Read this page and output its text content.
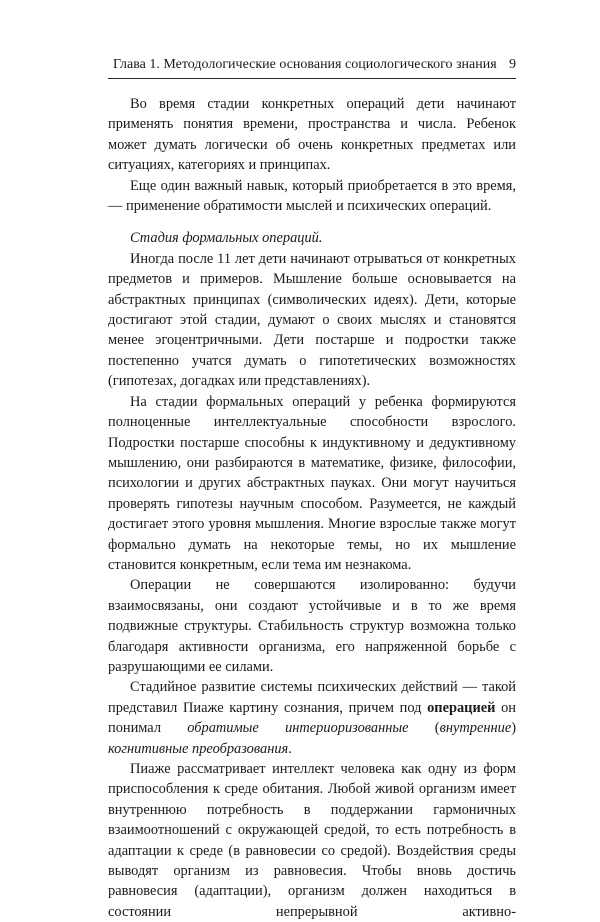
Глава 1. Методологические основания социологического знания 9

Во время стадии конкретных операций дети начинают применять понятия времени, пространства и числа. Ребенок может думать логически об очень конкретных предметах или ситуациях, категориях и принципах.

Еще один важный навык, который приобретается в это время, — применение обратимости мыслей и психических операций.

Стадия формальных операций.

Иногда после 11 лет дети начинают отрываться от конкретных предметов и примеров. Мышление больше основывается на абстрактных принципах (символических идеях). Дети, которые достигают этой стадии, думают о своих мыслях и становятся менее эгоцентричными. Дети постарше и подростки также постепенно учатся думать о гипотетических возможностях (гипотезах, догадках или представлениях).

На стадии формальных операций у ребенка формируются полноценные интеллектуальные способности взрослого. Подростки постарше способны к индуктивному и дедуктивному мышлению, они разбираются в математике, физике, философии, психологии и других абстрактных пауках. Они могут научиться проверять гипотезы научным способом. Разумеется, не каждый достигает этого уровня мышления. Многие взрослые также могут формально думать на некоторые темы, но их мышление становится конкретным, если тема им незнакома.

Операции не совершаются изолированно: будучи взаимосвязаны, они создают устойчивые и в то же время подвижные структуры. Стабильность структур возможна только благодаря активности организма, его напряженной борьбе с разрушающими ее силами.

Стадийное развитие системы психических действий — такой представил Пиаже картину сознания, причем под операцией он понимал обратимые интериоризованные (внутренние) когнитивные преобразования.

Пиаже рассматривает интеллект человека как одну из форм приспособления к среде обитания. Любой живой организм имеет внутреннюю потребность в поддержании гармоничных взаимоотношений с окружающей средой, то есть потребность в адаптации к среде (в равновесии со средой). Воздействия среды выводят организм из равновесия. Чтобы вновь достичь равновесия (адаптации), организм должен находиться в состоянии непрерывной активно-
